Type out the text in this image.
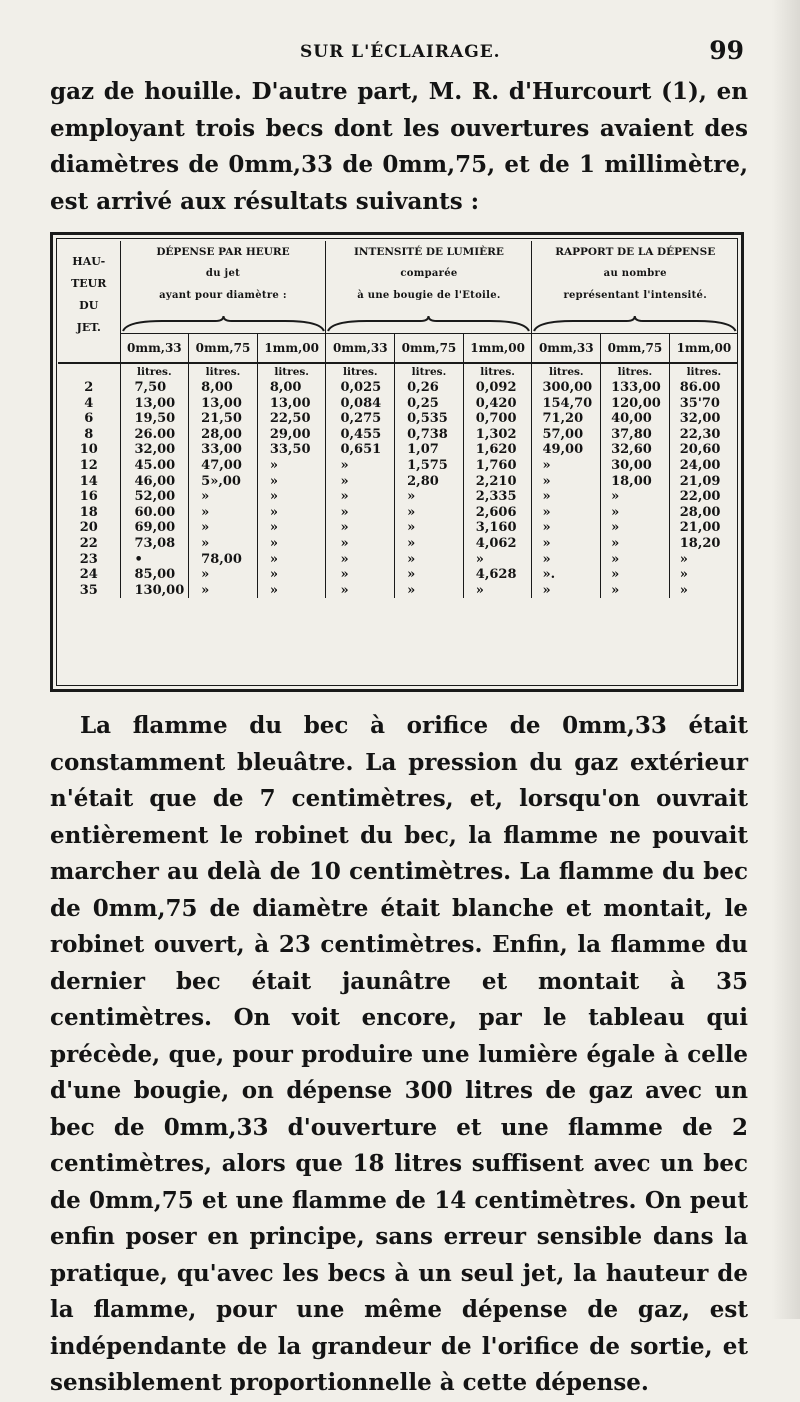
SUR L'ÉCLAIRAGE.	99

gaz de houille. D'autre part, M. R. d'Hurcourt (1), en employant trois becs dont les ouvertures avaient des diamètres de 0mm,33 de 0mm,75, et de 1 millimètre, est arrivé aux résultats suivants :

HAU-
TEUR
DU
JET.	DÉPENSE PAR HEURE
du jet
ayant pour diamètre :			INTENSITÉ DE LUMIÈRE
comparée
à une bougie de l'Etoile.			RAPPORT DE LA DÉPENSE
au nombre
représentant l'intensité.		

	0mm,33	0mm,75	1mm,00	0mm,33	0mm,75	1mm,00	0mm,33	0mm,75	1mm,00
	litres.	litres.	litres.	litres.	litres.	litres.	litres.	litres.	litres.
2	7,50	8,00	8,00	0,025	0,26	0,092	300,00	133,00	86.00
4	13,00	13,00	13,00	0,084	0,25	0,420	154,70	120,00	35'70
6	19,50	21,50	22,50	0,275	0,535	0,700	71,20	40,00	32,00
8	26.00	28,00	29,00	0,455	0,738	1,302	57,00	37,80	22,30
10	32,00	33,00	33,50	0,651	1,07	1,620	49,00	32,60	20,60
12	45.00	47,00	»	»	1,575	1,760	»	30,00	24,00
14	46,00	5»,00	»	»	2,80	2,210	»	18,00	21,09
16	52,00	»	»	»	»	2,335	»	»	22,00
18	60.00	»	»	»	»	2,606	»	»	28,00
20	69,00	»	»	»	»	3,160	»	»	21,00
22	73,08	»	»	»	»	4,062	»	»	18,20
23	•	78,00	»	»	»	»	»	»	»
24	85,00	»	»	»	»	4,628	».	»	»
35	130,00	»	»	»	»	»	»	»	»

La flamme du bec à orifice de 0mm,33 était constamment bleuâtre. La pression du gaz extérieur n'était que de 7 centimètres, et, lorsqu'on ouvrait entièrement le robinet du bec, la flamme ne pouvait marcher au delà de 10 centimètres. La flamme du bec de 0mm,75 de diamètre était blanche et montait, le robinet ouvert, à 23 centimètres. Enfin, la flamme du dernier bec était jaunâtre et montait à 35 centimètres. On voit encore, par le tableau qui précède, que, pour produire une lumière égale à celle d'une bougie, on dépense 300 litres de gaz avec un bec de 0mm,33 d'ouverture et une flamme de 2 centimètres, alors que 18 litres suffisent avec un bec de 0mm,75 et une flamme de 14 centimètres. On peut enfin poser en principe, sans erreur sensible dans la pratique, qu'avec les becs à un seul jet, la hauteur de la flamme, pour une même dépense de gaz, est indépendante de la grandeur de l'orifice de sortie, et sensiblement proportionnelle à cette dépense.
